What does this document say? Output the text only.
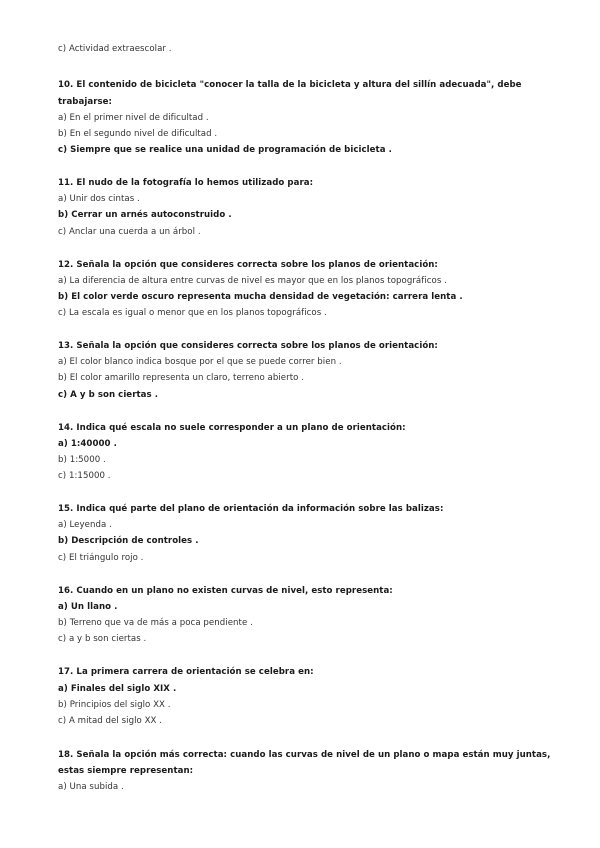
c) Actividad extraescolar .
10. El contenido de bicicleta "conocer la talla de la bicicleta y altura del sillín adecuada", debe
trabajarse:
a) En el primer nivel de dificultad .
b) En el segundo nivel de dificultad .
c) Siempre que se realice una unidad de programación de bicicleta .
11. El nudo de la fotografía lo hemos utilizado para:
a) Unir dos cintas .
b) Cerrar un arnés autoconstruido .
c) Anclar una cuerda a un árbol .
12. Señala la opción que consideres correcta sobre los planos de orientación:
a) La diferencia de altura entre curvas de nivel es mayor que en los planos topográficos .
b) El color verde oscuro representa mucha densidad de vegetación: carrera lenta .
c) La escala es igual o menor que en los planos topográficos .
13. Señala la opción que consideres correcta sobre los planos de orientación:
a) El color blanco indica bosque por el que se puede correr bien .
b) El color amarillo representa un claro, terreno abierto .
c) A y b son ciertas .
14. Indica qué escala no suele corresponder a un plano de orientación:
a) 1:40000 .
b) 1:5000 .
c) 1:15000 .
15. Indica qué parte del plano de orientación da información sobre las balizas:
a) Leyenda .
b) Descripción de controles .
c) El triángulo rojo .
16. Cuando en un plano no existen curvas de nivel, esto representa:
a) Un llano .
b) Terreno que va de más a poca pendiente .
c) a y b son ciertas .
17. La primera carrera de orientación se celebra en:
a) Finales del siglo XIX .
b) Principios del siglo XX .
c) A mitad del siglo XX .
18. Señala la opción más correcta: cuando las curvas de nivel de un plano o mapa están muy juntas,
estas siempre representan:
a) Una subida .
